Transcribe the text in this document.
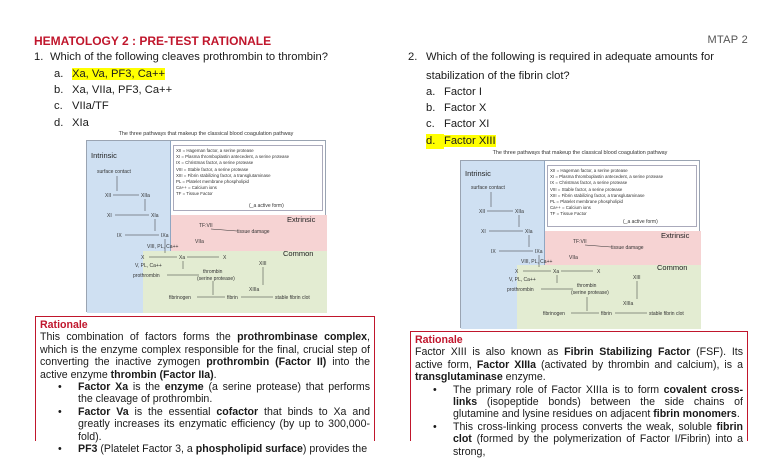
HEMATOLOGY 2 : PRE-TEST RATIONALE	MTAP 2
1. Which of the following cleaves prothrombin to thrombin?
a. Xa, Va, PF3, Ca++
b. Xa, VIIa, PF3, Ca++
c. VIIa/TF
d. XIa
The three pathways that makeup the classical blood coagulation pathway
XII = Hageman factor, a serine protease
XI = Plasma thromboplastin antecedent, a serine protease
IX = Christmas factor, a serine protease
VIII = Stable factor, a serine protease
XIII = Fibrin stabilizing factor, a transglutaminase
PL = Platelet membrane phospholipid
Ca++ = Calcium ions
TF = Tissue Factor
(_a active form)
Intrinsic
Extrinsic
Common
surface contact
XII	XIIa
XI	XIa
IX	IXa
VIII, PL, Ca++
TF:VII
tissue damage
VIIa
X	Xa	X
V, PL, Ca++	XIII
prothrombin
thrombin
(serine protease)
XIIIa
fibrinogen	fibrin	stable fibrin clot
Rationale

This combination of factors forms the prothrombinase complex, which is the enzyme complex responsible for the final, crucial step of converting the inactive zymogen prothrombin (Factor II) into the active enzyme thrombin (Factor IIa).

• Factor Xa is the enzyme (a serine protease) that performs the cleavage of prothrombin.
• Factor Va is the essential cofactor that binds to Xa and greatly increases its enzymatic efficiency (by up to 300,000-fold).
• PF3 (Platelet Factor 3, a phospholipid surface) provides the
2. Which of the following is required in adequate amounts for
stabilization of the fibrin clot?
a. Factor I
b. Factor X
c. Factor XI
d. Factor XIII
The three pathways that makeup the classical blood coagulation pathway
XII = Hageman factor, a serine protease
XI = Plasma thromboplastin antecedent, a serine protease
IX = Christmas factor, a serine protease
VIII = Stable factor, a serine protease
XIII = Fibrin stabilizing factor, a transglutaminase
PL = Platelet membrane phospholipid
Ca++ = Calcium ions
TF = Tissue Factor
(_a active form)
Intrinsic
Extrinsic
Common
surface contact
XII	XIIa
XI	XIa
IX	IXa
VIII, PL, Ca++
TF:VII
tissue damage
VIIa
X	Xa	X
V, PL, Ca++	XIII
prothrombin
thrombin
(serine protease)
XIIIa
fibrinogen	fibrin	stable fibrin clot
Rationale

Factor XIII is also known as Fibrin Stabilizing Factor (FSF). Its active form, Factor XIIIa (activated by thrombin and calcium), is a transglutaminase enzyme.

• The primary role of Factor XIIIa is to form covalent cross-links (isopeptide bonds) between the side chains of glutamine and lysine residues on adjacent fibrin monomers.
• This cross-linking process converts the weak, soluble fibrin clot (formed by the polymerization of Factor I/Fibrin) into a strong,
